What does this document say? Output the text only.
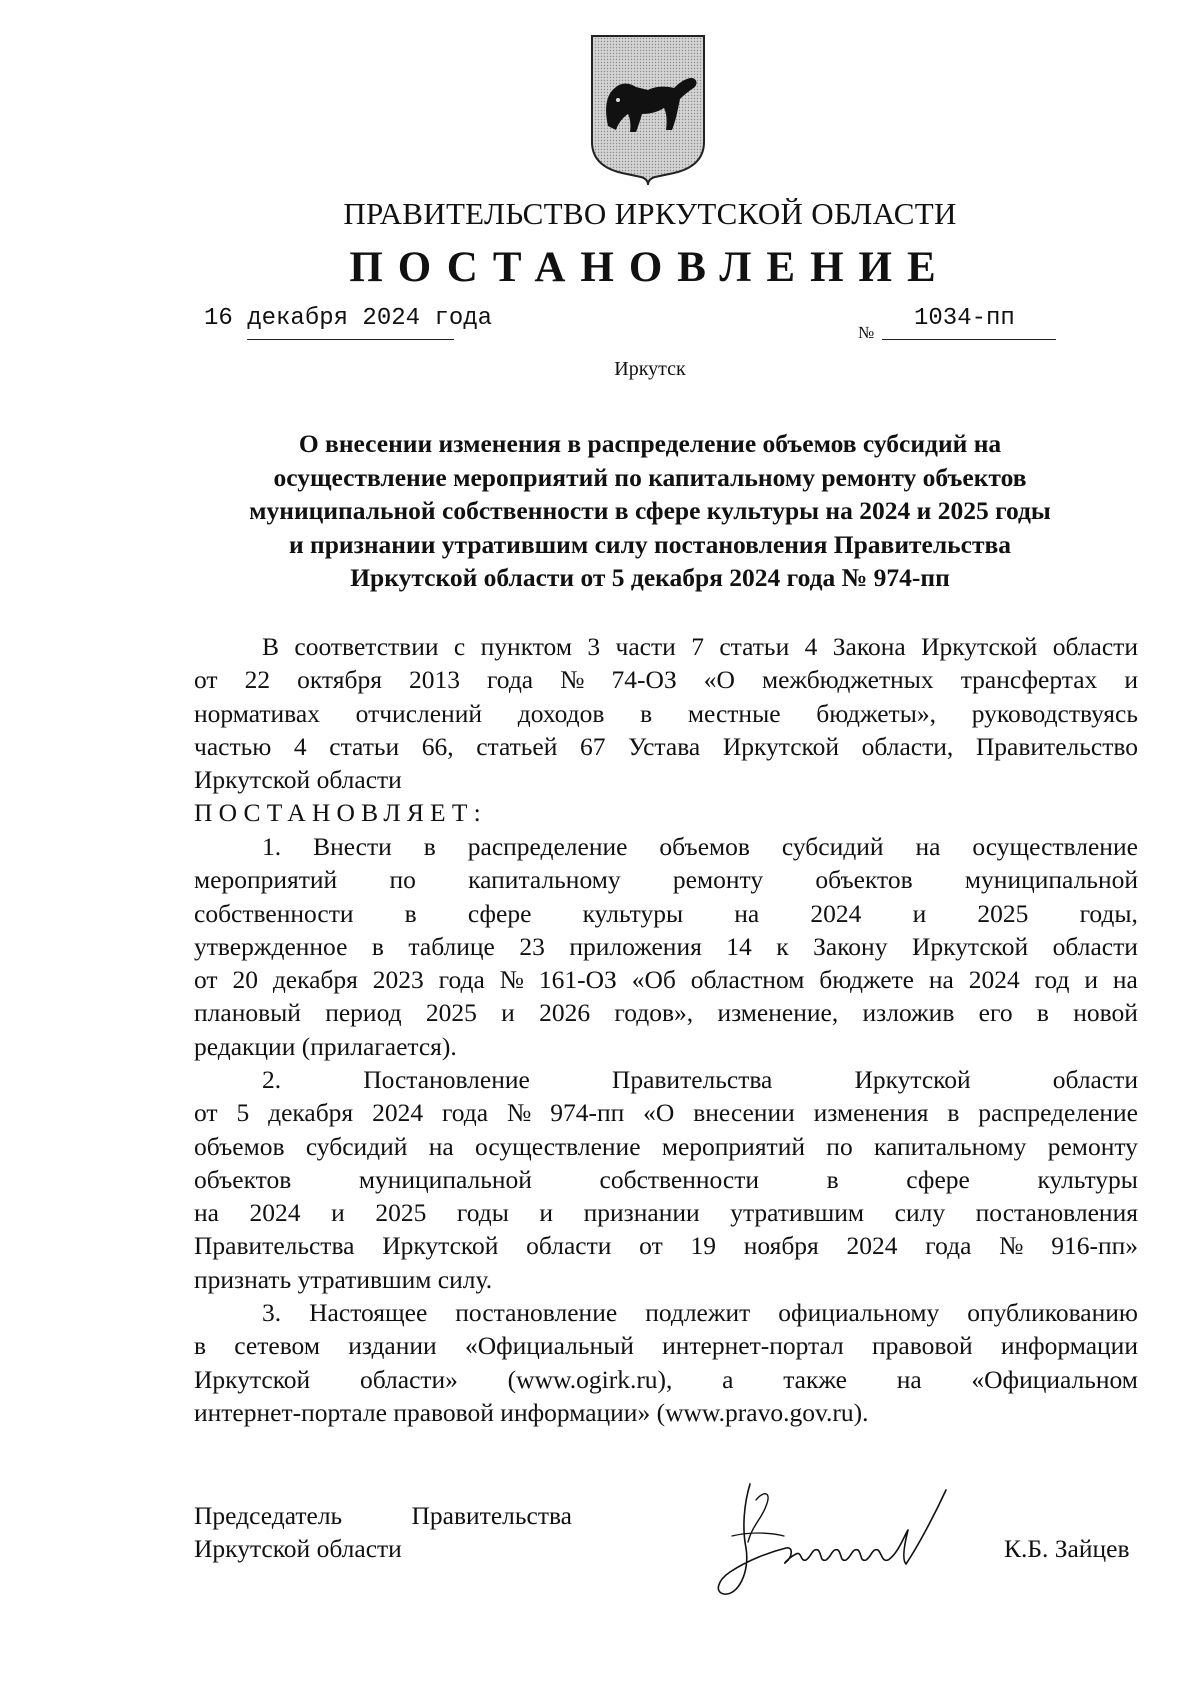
ПРАВИТЕЛЬСТВО ИРКУТСКОЙ ОБЛАСТИ
ПОСТАНОВЛЕНИЕ
16 декабря 2024 года
№
1034-пп
Иркутск
О внесении изменения в распределение объемов субсидий на
осуществление мероприятий по капитальному ремонту объектов
муниципальной собственности в сфере культуры на 2024 и 2025 годы
и признании утратившим силу постановления Правительства
Иркутской области от 5 декабря 2024 года № 974-пп
В соответствии с пунктом 3 части 7 статьи 4 Закона Иркутской области
от 22 октября 2013 года № 74-ОЗ «О межбюджетных трансфертах и
нормативах отчислений доходов в местные бюджеты», руководствуясь
частью 4 статьи 66, статьей 67 Устава Иркутской области, Правительство
Иркутской области
ПОСТАНОВЛЯЕТ:
1. Внести в распределение объемов субсидий на осуществление
мероприятий по капитальному ремонту объектов муниципальной
собственности в сфере культуры на 2024 и 2025 годы,
утвержденное в таблице 23 приложения 14 к Закону Иркутской области
от 20 декабря 2023 года № 161-ОЗ «Об областном бюджете на 2024 год и на
плановый период 2025 и 2026 годов», изменение, изложив его в новой
редакции (прилагается).
2.	Постановление	Правительства	Иркутской	области
от 5 декабря 2024 года № 974-пп «О внесении изменения в распределение
объемов субсидий на осуществление мероприятий по капитальному ремонту
объектов	муниципальной	собственности	в	сфере	культуры
на 2024 и 2025 годы и признании утратившим силу постановления
Правительства Иркутской области от 19 ноября 2024 года № 916-пп»
признать утратившим силу.
3. Настоящее постановление подлежит официальному опубликованию
в сетевом издании «Официальный интернет-портал правовой информации
Иркутской области» (www.ogirk.ru), а также на «Официальном
интернет-портале правовой информации» (www.pravo.gov.ru).
Председатель	Правительства
Иркутской области	К.Б. Зайцев
